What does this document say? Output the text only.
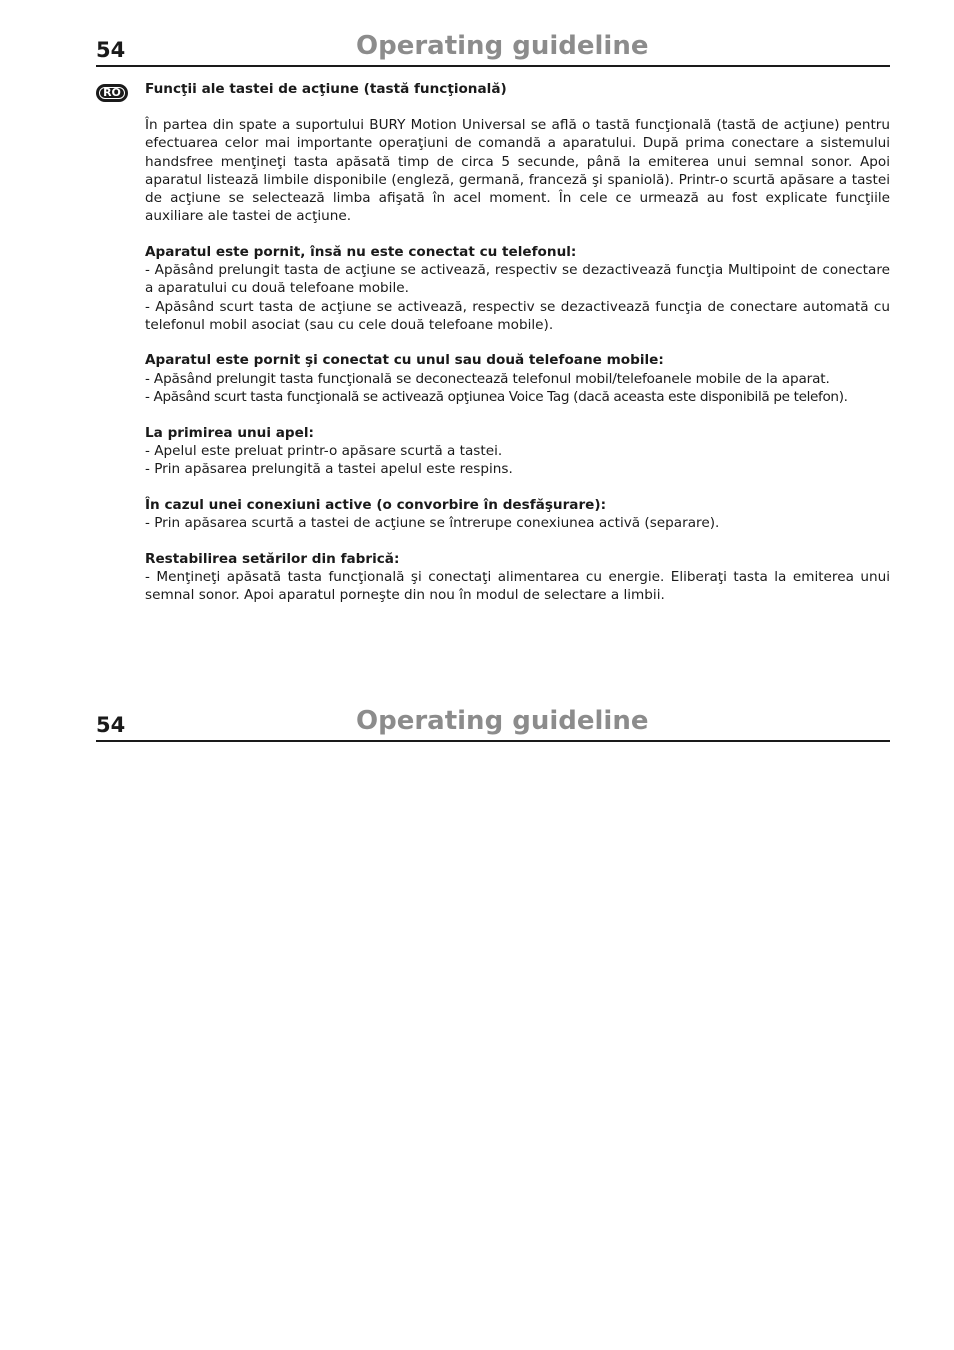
54	Operating guideline
RO	Funcţii ale tastei de acţiune (tastă funcţională)

În partea din spate a suportului BURY Motion Universal se află o tastă funcţională (tastă de acţiune) pentru efectuarea celor mai importante operaţiuni de comandă a aparatului. După prima conectare a sistemului handsfree menţineţi tasta apăsată timp de circa 5 secunde, până la emiterea unui semnal sonor. Apoi aparatul listează limbile disponibile (engleză, germană, franceză şi spaniolă). Printr-o scurtă apăsare a tastei de acţiune se selectează limba afişată în acel moment. În cele ce urmează au fost explicate funcţiile auxiliare ale tastei de acţiune.

Aparatul este pornit, însă nu este conectat cu telefonul:

- Apăsând prelungit tasta de acţiune se activează, respectiv se dezactivează funcţia Multipoint de conectare a aparatului cu două telefoane mobile.

- Apăsând scurt tasta de acţiune se activează, respectiv se dezactivează funcţia de conectare automată cu telefonul mobil asociat (sau cu cele două telefoane mobile).

Aparatul este pornit şi conectat cu unul sau două telefoane mobile:

- Apăsând prelungit tasta funcţională se deconectează telefonul mobil/telefoanele mobile de la aparat.

- Apăsând scurt tasta funcţională se activează opţiunea Voice Tag (dacă aceasta este disponibilă pe telefon).

La primirea unui apel:

- Apelul este preluat printr-o apăsare scurtă a tastei.

- Prin apăsarea prelungită a tastei apelul este respins.

În cazul unei conexiuni active (o convorbire în desfăşurare):

- Prin apăsarea scurtă a tastei de acţiune se întrerupe conexiunea activă (separare).

Restabilirea setărilor din fabrică:

- Menţineţi apăsată tasta funcţională şi conectaţi alimentarea cu energie. Eliberaţi tasta la emiterea unui semnal sonor. Apoi aparatul porneşte din nou în modul de selectare a limbii.

54	Operating guideline
